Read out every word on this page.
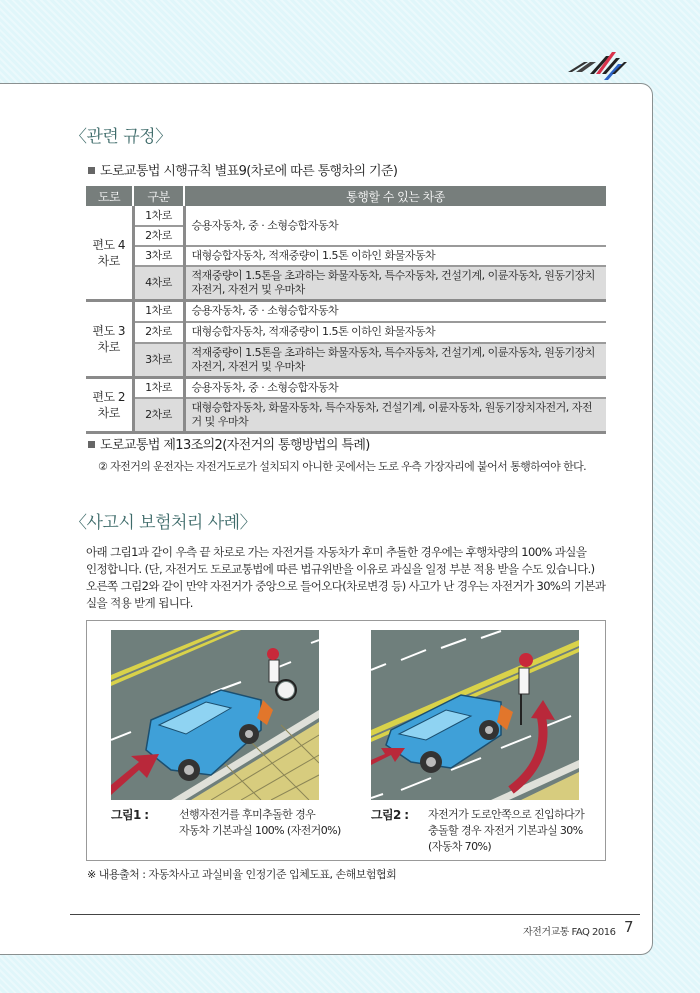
〈관련 규정〉
도로교통법 시행규칙 별표9(차로에 따른 통행차의 기준)
도로	구분	통행할 수 있는 차종
편도 4차로	1차로	승용자동차, 중 · 소형승합자동차
	2차로	
	3차로	대형승합자동차, 적재중량이 1.5톤 이하인 화물자동차
	4차로	적재중량이 1.5톤을 초과하는 화물자동차, 특수자동차, 건설기계, 이륜자동차, 원동기장치자전거, 자전거 및 우마차
편도 3차로	1차로	승용자동차, 중 · 소형승합자동차
	2차로	대형승합자동차, 적재중량이 1.5톤 이하인 화물자동차
	3차로	적재중량이 1.5톤을 초과하는 화물자동차, 특수자동차, 건설기계, 이륜자동차, 원동기장치자전거, 자전거 및 우마차
편도 2차로	1차로	승용자동차, 중 · 소형승합자동차
	2차로	대형승합자동차, 화물자동차, 특수자동차, 건설기계, 이륜자동차, 원동기장치자전거, 자전거 및 우마차
도로교통법 제13조의2(자전거의 통행방법의 특례)
② 자전거의 운전자는 자전거도로가 설치되지 아니한 곳에서는 도로 우측 가장자리에 붙어서 통행하여야 한다.
〈사고시 보험처리 사례〉
아래 그림1과 같이 우측 끝 차로로 가는 자전거를 자동차가 후미 추돌한 경우에는 후행차량의 100% 과실을
인정합니다. (단, 자전거도 도로교통법에 따른 법규위반을 이유로 과실을 일정 부분 적용 받을 수도 있습니다.)
오른쪽 그림2와 같이 만약 자전거가 중앙으로 들어오다(차로변경 등) 사고가 난 경우는 자전거가 30%의 기본과
실을 적용 받게 됩니다.
그림1 :	선행자전거를 후미추돌한 경우
자동차 기본과실 100% (자전거0%)
그림2 : 자전거가 도로안쪽으로 진입하다가
충돌할 경우 자전거 기본과실 30%
(자동차 70%)
※ 내용출처 : 자동차사고 과실비율 인정기준 입체도표, 손해보험협회
자전거교통 FAQ 2016 7
